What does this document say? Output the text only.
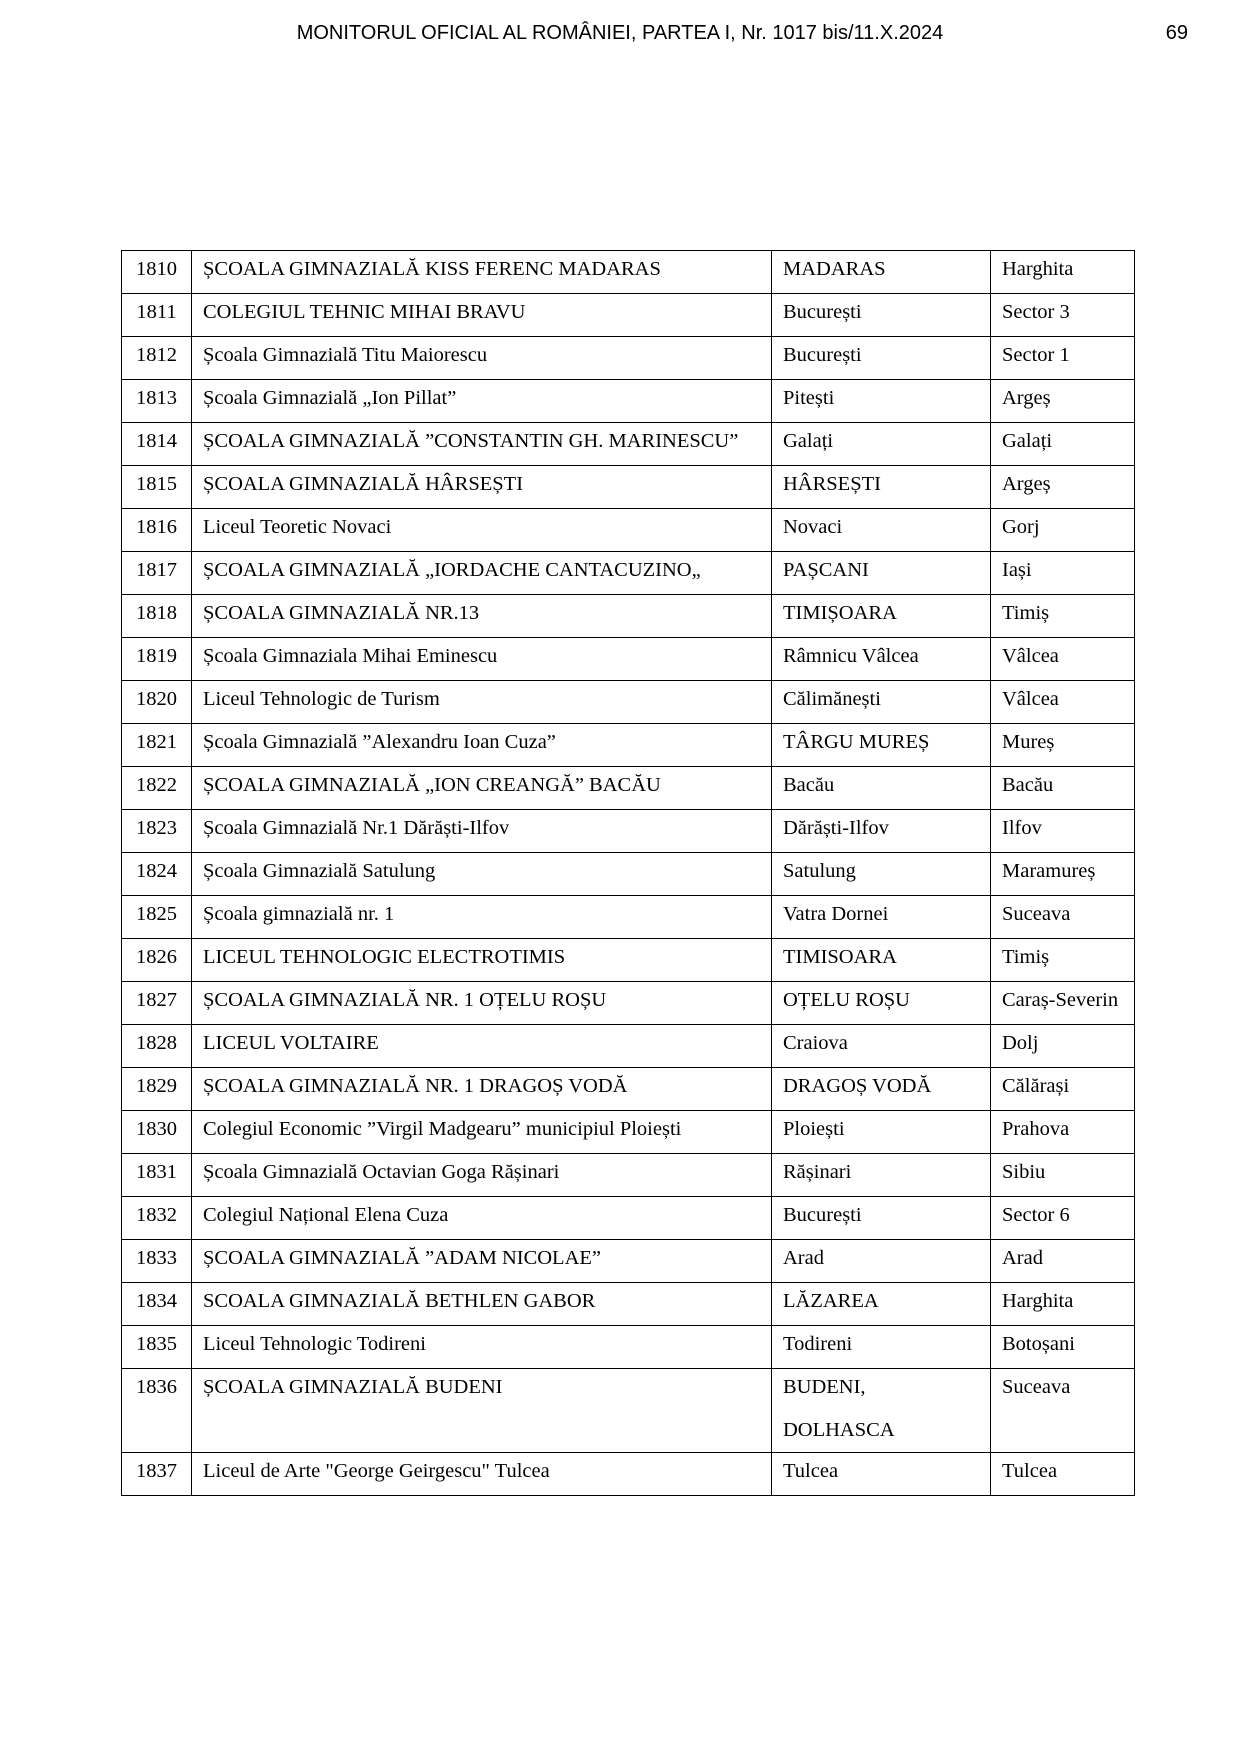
MONITORUL OFICIAL AL ROMÂNIEI, PARTEA I, Nr. 1017 bis/11.X.2024	69
1810	ȘCOALA GIMNAZIALĂ KISS FERENC MADARAS	MADARAS	Harghita

1811	COLEGIUL TEHNIC MIHAI BRAVU	București	Sector 3

1812	Școala Gimnazială Titu Maiorescu	București	Sector 1

1813	Școala Gimnazială „Ion Pillat”	Pitești	Argeș

1814	ȘCOALA GIMNAZIALĂ ”CONSTANTIN GH. MARINESCU”	Galați	Galați

1815	ȘCOALA GIMNAZIALĂ HÂRSEȘTI	HÂRSEȘTI	Argeș

1816	Liceul Teoretic Novaci	Novaci	Gorj

1817	ȘCOALA GIMNAZIALĂ „IORDACHE CANTACUZINO„	PAȘCANI	Iași

1818	ȘCOALA GIMNAZIALĂ NR.13	TIMIȘOARA	Timiș

1819	Școala Gimnaziala Mihai Eminescu	Râmnicu Vâlcea	Vâlcea

1820	Liceul Tehnologic de Turism	Călimănești	Vâlcea

1821	Școala Gimnazială ”Alexandru Ioan Cuza”	TÂRGU MUREȘ	Mureș

1822	ȘCOALA GIMNAZIALĂ „ION CREANGĂ” BACĂU	Bacău	Bacău

1823	Școala Gimnazială Nr.1 Dărăști-Ilfov	Dărăști-Ilfov	Ilfov

1824	Școala Gimnazială Satulung	Satulung	Maramureș

1825	Școala gimnazială nr. 1	Vatra Dornei	Suceava

1826	LICEUL TEHNOLOGIC ELECTROTIMIS	TIMISOARA	Timiș

1827	ȘCOALA GIMNAZIALĂ NR. 1 OȚELU ROȘU	OȚELU ROȘU	Caraș-Severin

1828	LICEUL VOLTAIRE	Craiova	Dolj

1829	ȘCOALA GIMNAZIALĂ NR. 1 DRAGOȘ VODĂ	DRAGOȘ VODĂ	Călărași

1830	Colegiul Economic ”Virgil Madgearu” municipiul Ploiești	Ploiești	Prahova

1831	Școala Gimnazială Octavian Goga Rășinari	Rășinari	Sibiu

1832	Colegiul Național Elena Cuza	București	Sector 6

1833	ȘCOALA GIMNAZIALĂ ”ADAM NICOLAE”	Arad	Arad

1834	SCOALA GIMNAZIALĂ BETHLEN GABOR	LĂZAREA	Harghita

1835	Liceul Tehnologic Todireni	Todireni	Botoșani

1836	ȘCOALA GIMNAZIALĂ BUDENI	BUDENI, DOLHASCA	Suceava

1837	Liceul de Arte "George Geirgescu" Tulcea	Tulcea	Tulcea
